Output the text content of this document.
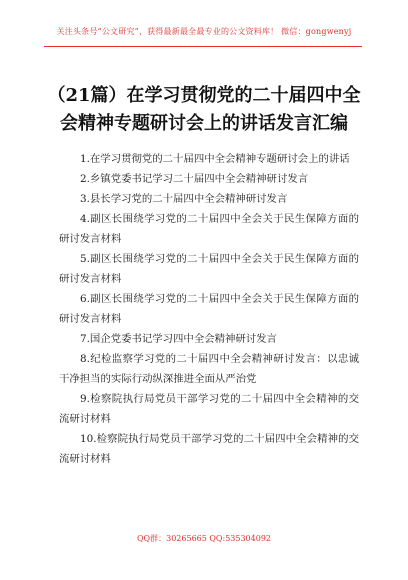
关注头条号“公文研究”，获得最新最全最专业的公文资料库！ 微信：gongwenyj
（21篇）在学习贯彻党的二十届四中全会精神专题研讨会上的讲话发言汇编
1.在学习贯彻党的二十届四中全会精神专题研讨会上的讲话
2.乡镇党委书记学习二十届四中全会精神研讨发言
3.县长学习党的二十届四中全会精神研讨发言
4.副区长围绕学习党的二十届四中全会关于民生保障方面的研讨发言材料
5.副区长围绕学习党的二十届四中全会关于民生保障方面的研讨发言材料
6.副区长围绕学习党的二十届四中全会关于民生保障方面的研讨发言材料
7.国企党委书记学习四中全会精神研讨发言
8.纪检监察学习党的二十届四中全会精神研讨发言：以忠诚干净担当的实际行动纵深推进全面从严治党
9.检察院执行局党员干部学习党的二十届四中全会精神的交流研讨材料
10.检察院执行局党员干部学习党的二十届四中全会精神的交流研讨材料
QQ群：30265665 QQ:535304092
